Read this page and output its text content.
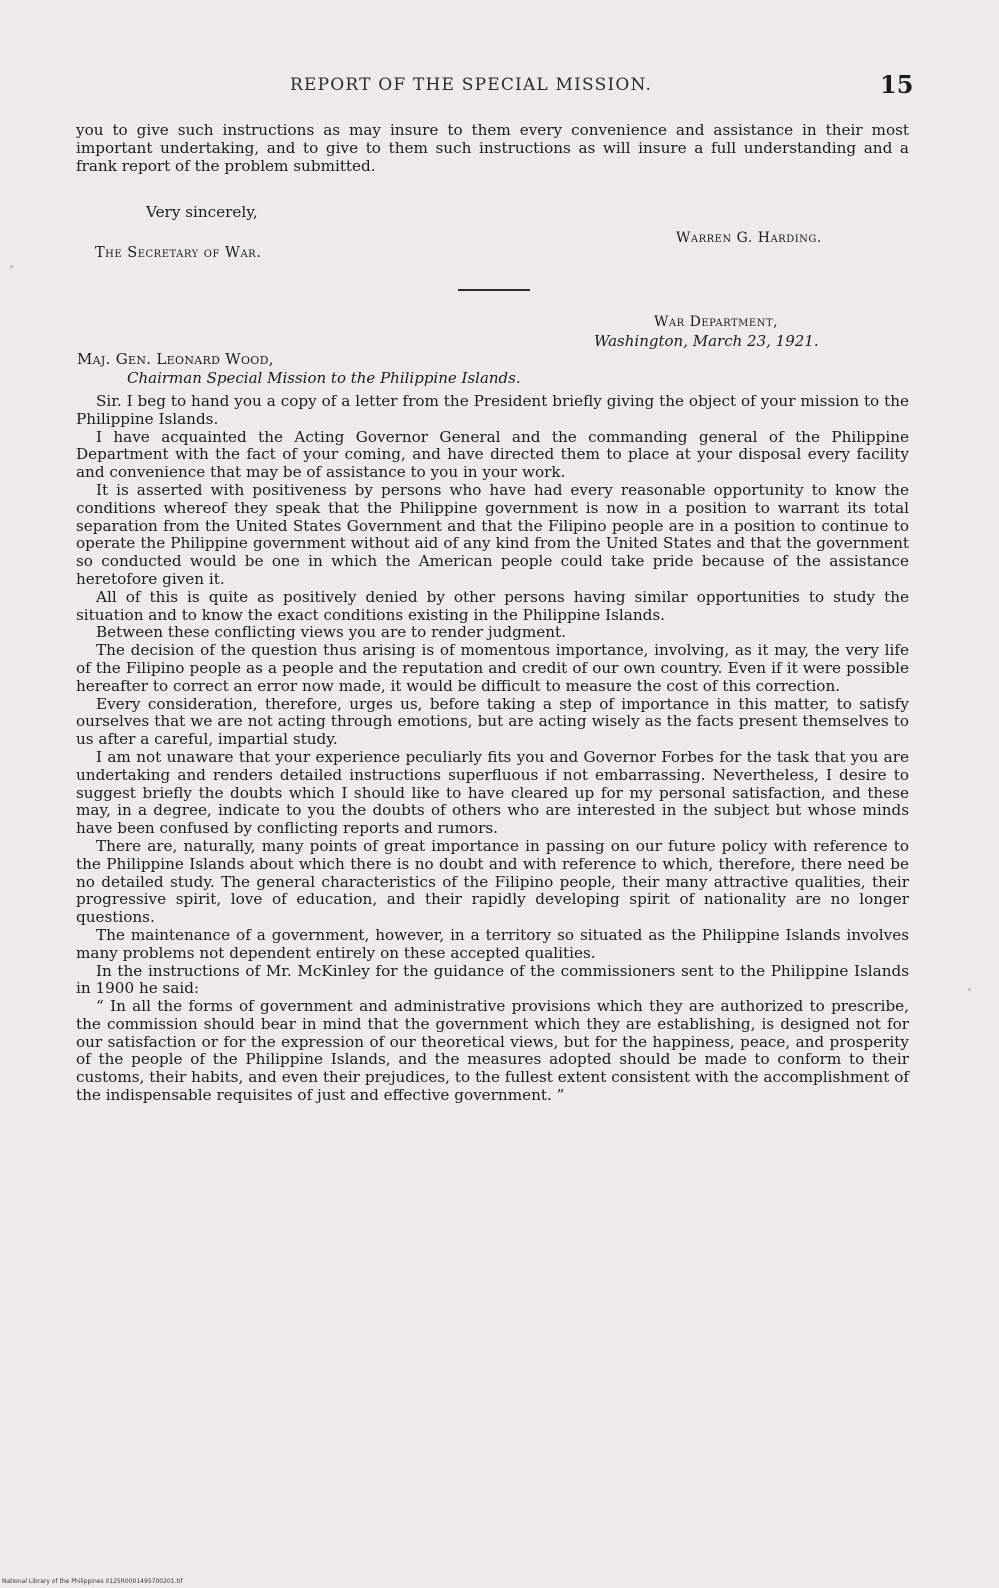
REPORT OF THE SPECIAL MISSION.	15

you to give such instructions as may insure to them every convenience and assistance in their most important undertaking, and to give to them such instructions as will insure a full understanding and a frank report of the problem submitted.

Very sincerely,
Warren G. Harding.
The Secretary of War.
War Department,
Washington, March 23, 1921.
Maj. Gen. Leonard Wood,
Chairman Special Mission to the Philippine Islands.

Sir. I beg to hand you a copy of a letter from the President briefly giving the object of your mission to the Philippine Islands.

I have acquainted the Acting Governor General and the commanding general of the Philippine Department with the fact of your coming, and have directed them to place at your disposal every facility and convenience that may be of assistance to you in your work.

It is asserted with positiveness by persons who have had every reasonable opportunity to know the conditions whereof they speak that the Philippine government is now in a position to warrant its total separation from the United States Government and that the Filipino people are in a position to continue to operate the Philippine government without aid of any kind from the United States and that the government so conducted would be one in which the American people could take pride because of the assistance heretofore given it.

All of this is quite as positively denied by other persons having similar opportunities to study the situation and to know the exact conditions existing in the Philippine Islands.

Between these conflicting views you are to render judgment.

The decision of the question thus arising is of momentous importance, involving, as it may, the very life of the Filipino people as a people and the reputation and credit of our own country. Even if it were possible hereafter to correct an error now made, it would be difficult to measure the cost of this correction.

Every consideration, therefore, urges us, before taking a step of importance in this matter, to satisfy ourselves that we are not acting through emotions, but are acting wisely as the facts present themselves to us after a careful, impartial study.

I am not unaware that your experience peculiarly fits you and Governor Forbes for the task that you are undertaking and renders detailed instructions superfluous if not embarrassing. Nevertheless, I desire to suggest briefly the doubts which I should like to have cleared up for my personal satisfaction, and these may, in a degree, indicate to you the doubts of others who are interested in the subject but whose minds have been confused by conflicting reports and rumors.

There are, naturally, many points of great importance in passing on our future policy with reference to the Philippine Islands about which there is no doubt and with reference to which, therefore, there need be no detailed study. The general characteristics of the Filipino people, their many attractive qualities, their progressive spirit, love of education, and their rapidly developing spirit of nationality are no longer questions.

The maintenance of a government, however, in a territory so situated as the Philippine Islands involves many problems not dependent entirely on these accepted qualities.

In the instructions of Mr. McKinley for the guidance of the commissioners sent to the Philippine Islands in 1900 he said:

“ In all the forms of government and administrative provisions which they are authorized to prescribe, the commission should bear in mind that the government which they are establishing, is designed not for our satisfaction or for the expression of our theoretical views, but for the happiness, peace, and prosperity of the people of the Philippine Islands, and the measures adopted should be made to conform to their customs, their habits, and even their prejudices, to the fullest extent consistent with the accomplishment of the indispensable requisites of just and effective government. ”

National Library of the Philippines 0125R0001495700201.tif
